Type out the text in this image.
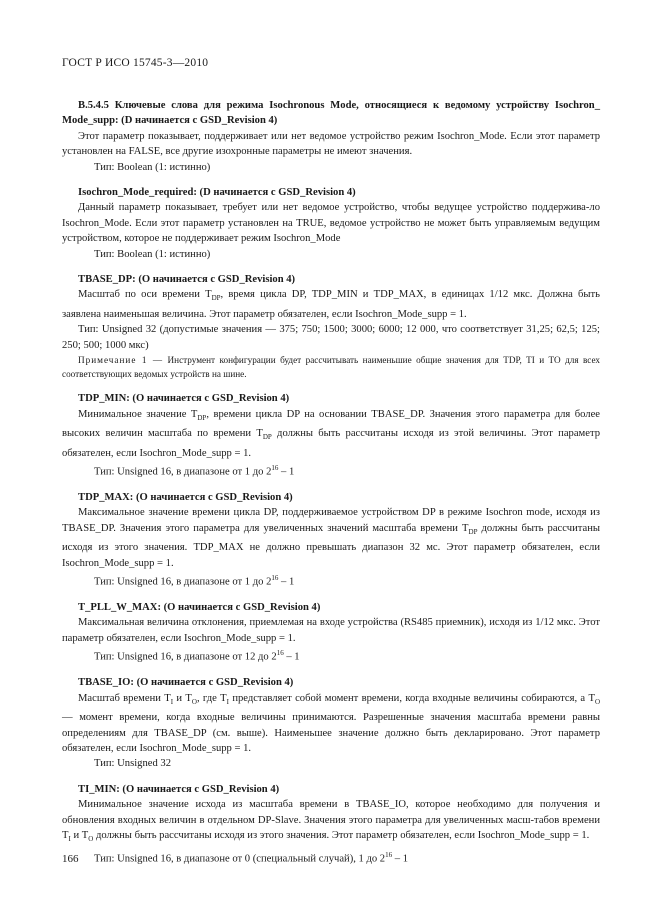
ГОСТ Р ИСО 15745-3—2010
B.5.4.5 Ключевые слова для режима Isochronous Mode, относящиеся к ведомому устройству Isochron_ Mode_supp: (D начинается с GSD_Revision 4)

Этот параметр показывает, поддерживает или нет ведомое устройство режим Isochron_Mode. Если этот параметр установлен на FALSE, все другие изохронные параметры не имеют значения.

Тип: Boolean (1: истинно)
Isochron_Mode_required: (D начинается с GSD_Revision 4)

Данный параметр показывает, требует или нет ведомое устройство, чтобы ведущее устройство поддержива-ло Isochron_Mode. Если этот параметр установлен на TRUE, ведомое устройство не может быть управляемым ведущим устройством, которое не поддерживает режим Isochron_Mode

Тип: Boolean (1: истинно)
TBASE_DP: (O начинается с GSD_Revision 4)

Масштаб по оси времени $T_{DP}$, время цикла DP, TDP_MIN и TDP_MAX, в единицах 1/12 мкс. Должна быть заявлена наименьшая величина. Этот параметр обязателен, если Isochron_Mode_supp = 1.

Тип: Unsigned 32 (допустимые значения — 375; 750; 1500; 3000; 6000; 12 000, что соответствует 31,25; 62,5; 125; 250; 500; 1000 мкс)

Примечание 1 — Инструмент конфигурации будет рассчитывать наименьшие общие значения для TDP, TI и TO для всех соответствующих ведомых устройств на шине.
TDP_MIN: (O начинается с GSD_Revision 4)

Минимальное значение $T_{DP}$, времени цикла DP на основании TBASE_DP. Значения этого параметра для более высоких величин масштаба по времени $T_{DP}$ должны быть рассчитаны исходя из этой величины. Этот параметр обязателен, если Isochron_Mode_supp = 1.

Тип: Unsigned 16, в диапазоне от 1 до $2^{16} - 1$
TDP_MAX: (O начинается с GSD_Revision 4)

Максимальное значение времени цикла DP, поддерживаемое устройством DP в режиме Isochron mode, исходя из TBASE_DP. Значения этого параметра для увеличенных значений масштаба времени $T_{DP}$ должны быть рассчитаны исходя из этого значения. TDP_MAX не должно превышать диапазон 32 мс. Этот параметр обязателен, если Isochron_Mode_supp = 1.

Тип: Unsigned 16, в диапазоне от 1 до $2^{16} - 1$
T_PLL_W_MAX: (O начинается с GSD_Revision 4)

Максимальная величина отклонения, приемлемая на входе устройства (RS485 приемник), исходя из 1/12 мкс. Этот параметр обязателен, если Isochron_Mode_supp = 1.

Тип: Unsigned 16, в диапазоне от 12 до $2^{16} - 1$
TBASE_IO: (O начинается с GSD_Revision 4)

Масштаб времени $T_I$ и $T_O$, где $T_I$ представляет собой момент времени, когда входные величины собираются, а $T_O$ — момент времени, когда входные величины принимаются. Разрешенные значения масштаба времени равны определениям для TBASE_DP (см. выше). Наименьшее значение должно быть декларировано. Этот параметр обязателен, если Isochron_Mode_supp = 1.

Тип: Unsigned 32
TI_MIN: (O начинается с GSD_Revision 4)

Минимальное значение исхода из масштаба времени в TBASE_IO, которое необходимо для получения и обновления входных величин в отдельном DP-Slave. Значения этого параметра для увеличенных масш-табов времени $T_I$ и $T_O$ должны быть рассчитаны исходя из этого значения. Этот параметр обязателен, если Isochron_Mode_supp = 1.

Тип: Unsigned 16, в диапазоне от 0 (специальный случай), 1 до $2^{16} - 1$
166
